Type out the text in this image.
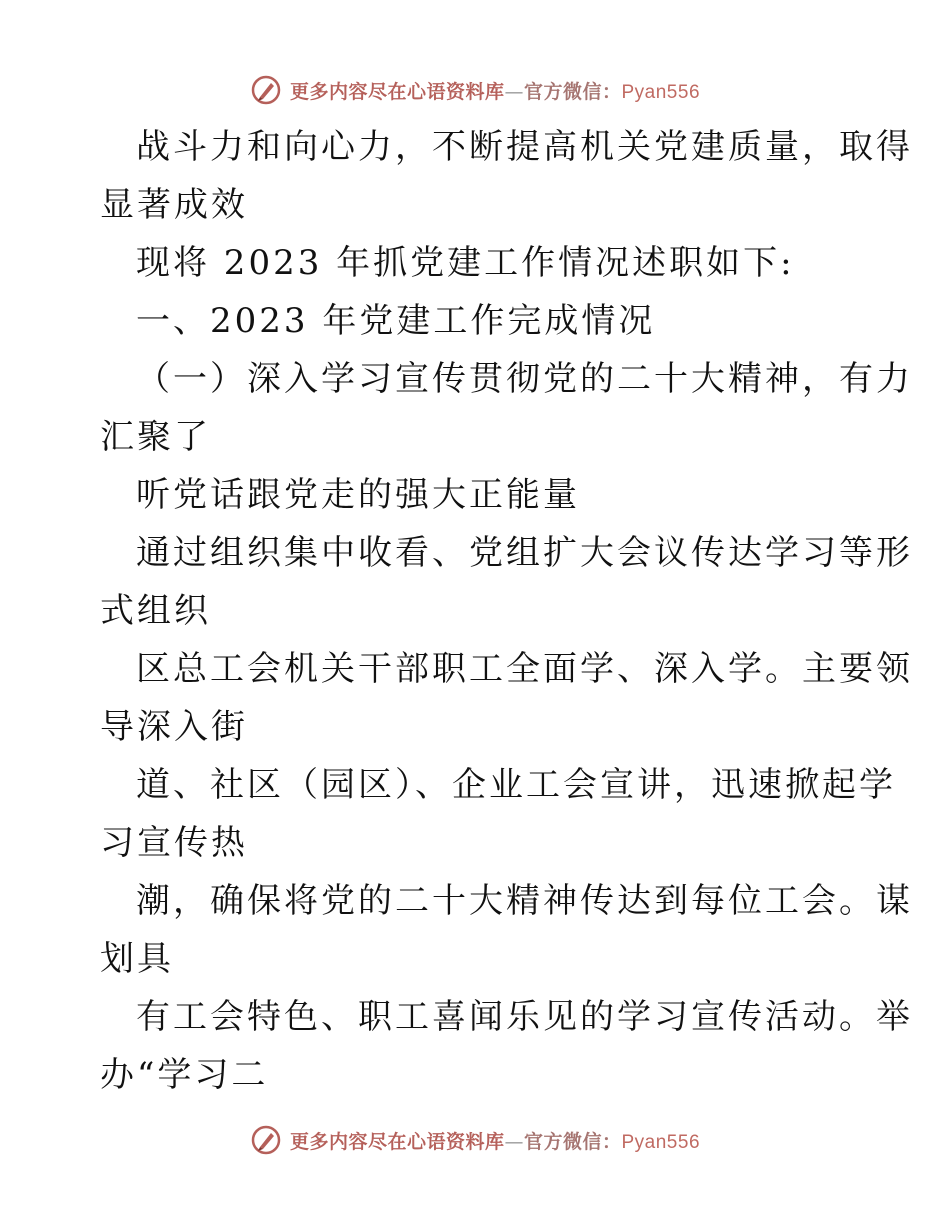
更多内容尽在心语资料库—官方微信：Pyan556
战斗力和向心力，不断提高机关党建质量，取得
显著成效
现将 2023 年抓党建工作情况述职如下:
一、2023 年党建工作完成情况
（一）深入学习宣传贯彻党的二十大精神，有力
汇聚了
听党话跟党走的强大正能量
通过组织集中收看、党组扩大会议传达学习等形
式组织
区总工会机关干部职工全面学、深入学。主要领
导深入街
道、社区（园区）、企业工会宣讲，迅速掀起学
习宣传热
潮，确保将党的二十大精神传达到每位工会。谋
划具
有工会特色、职工喜闻乐见的学习宣传活动。举
办“学习二
更多内容尽在心语资料库—官方微信：Pyan556
